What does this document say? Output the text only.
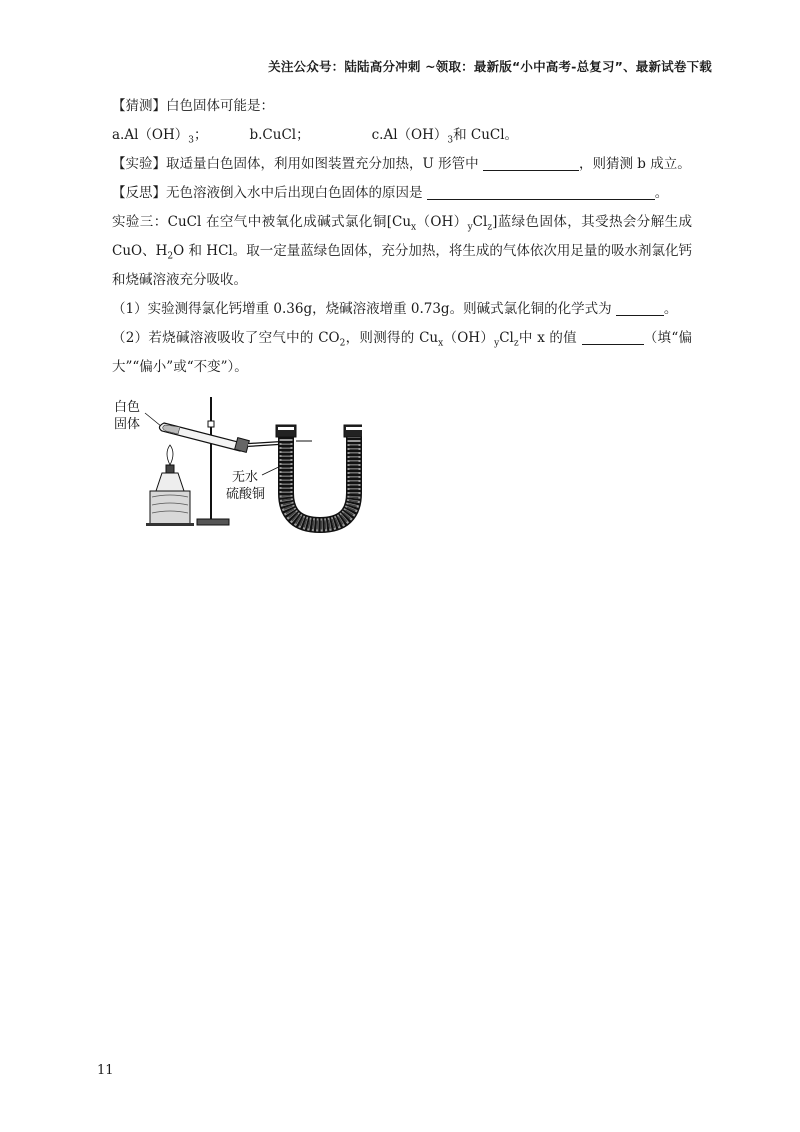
关注公众号：陆陆高分冲刺 ~领取：最新版“小中高考-总复习”、最新试卷下载
【猜测】白色固体可能是：
$a.Al(OH)_3$；	b.CuCl；	$c.Al(OH)_3$和 CuCl。
【实验】取适量白色固体，利用如图装置充分加热，U 形管中	，则猜测 b 成立。
【反思】无色溶液倒入水中后出现白色固体的原因是	。
实验三：CuCl 在空气中被氧化成碱式氯化铜$[Cu_x(OH)_yCl_z]$蓝绿色固体，其受热会分解生成
CuO、$H_2O$ 和 HCl。取一定量蓝绿色固体，充分加热，将生成的气体依次用足量的吸水剂氯化钙
和烧碱溶液充分吸收。
（1）实验测得氯化钙增重 0.36g，烧碱溶液增重 0.73g。则碱式氯化铜的化学式为	。
（2）若烧碱溶液吸收了空气中的 $CO_2$，则测得的 $Cu_x(OH)_yCl_z$中 x 的值	（填“偏
大”“偏小”或“不变”）。
白色
固体
无水
硫酸铜
11
